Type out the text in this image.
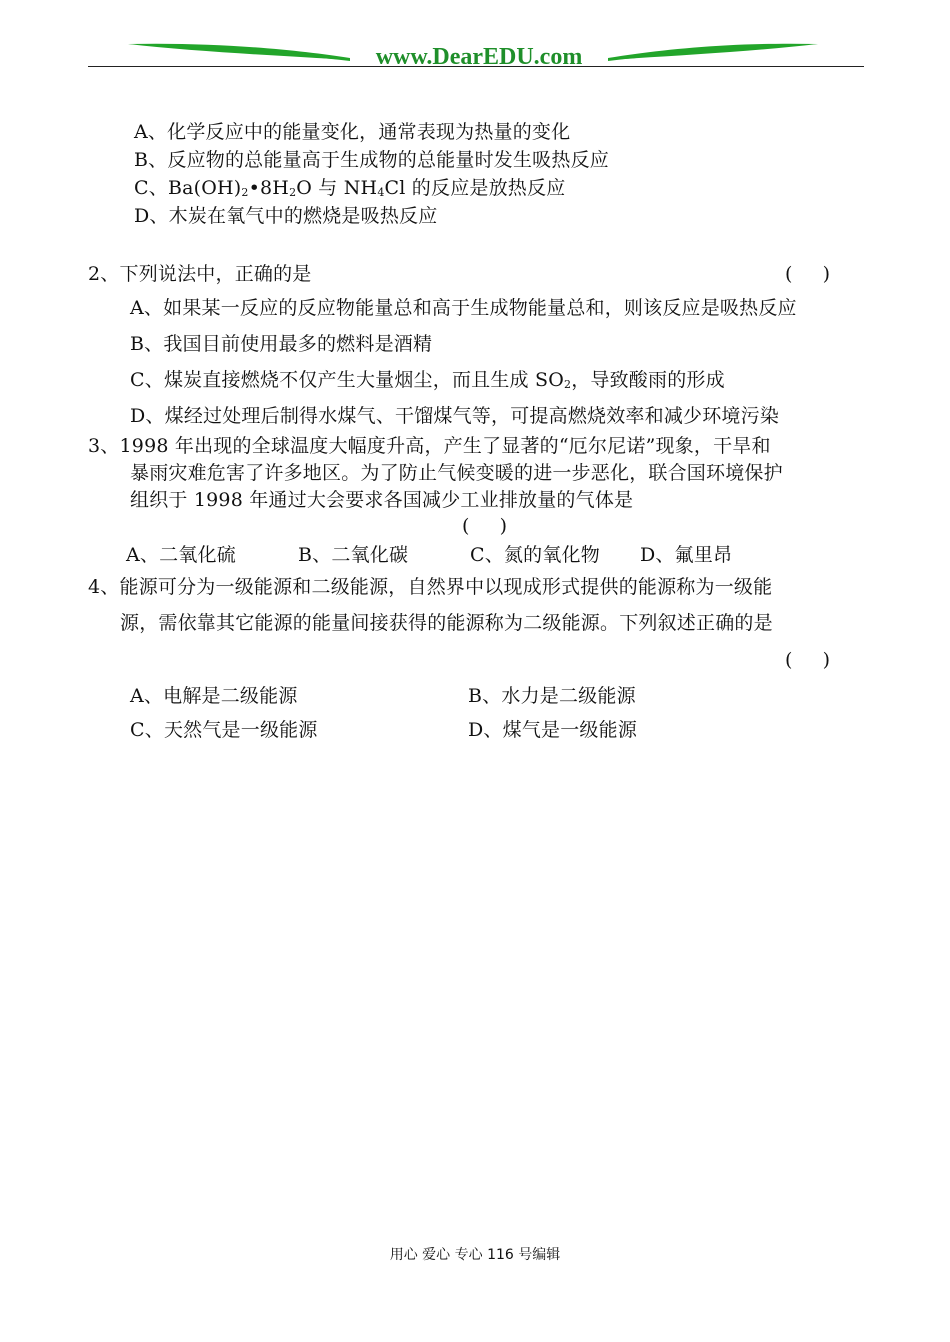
www.DearEDU.com
A、化学反应中的能量变化，通常表现为热量的变化
B、反应物的总能量高于生成物的总能量时发生吸热反应
C、$Ba(OH)_2•8H_2O$ 与 $NH_4Cl$ 的反应是放热反应
D、木炭在氧气中的燃烧是吸热反应
2、下列说法中，正确的是	(     )
A、如果某一反应的反应物能量总和高于生成物能量总和，则该反应是吸热反应
B、我国目前使用最多的燃料是酒精
C、煤炭直接燃烧不仅产生大量烟尘，而且生成 $SO_2$，导致酸雨的形成
D、煤经过处理后制得水煤气、干馏煤气等，可提高燃烧效率和减少环境污染
3、1998 年出现的全球温度大幅度升高，产生了显著的“厄尔尼诺”现象，干旱和
暴雨灾难危害了许多地区。为了防止气候变暖的进一步恶化，联合国环境保护
组织于 1998 年通过大会要求各国减少工业排放量的气体是
(     )
A、二氧化硫	B、二氧化碳	C、氮的氧化物 D、氟里昂
4、能源可分为一级能源和二级能源，自然界中以现成形式提供的能源称为一级能
源，需依靠其它能源的能量间接获得的能源称为二级能源。下列叙述正确的是
(     )
A、电解是二级能源	B、水力是二级能源
C、天然气是一级能源	D、煤气是一级能源
用心 爱心 专心 116 号编辑
